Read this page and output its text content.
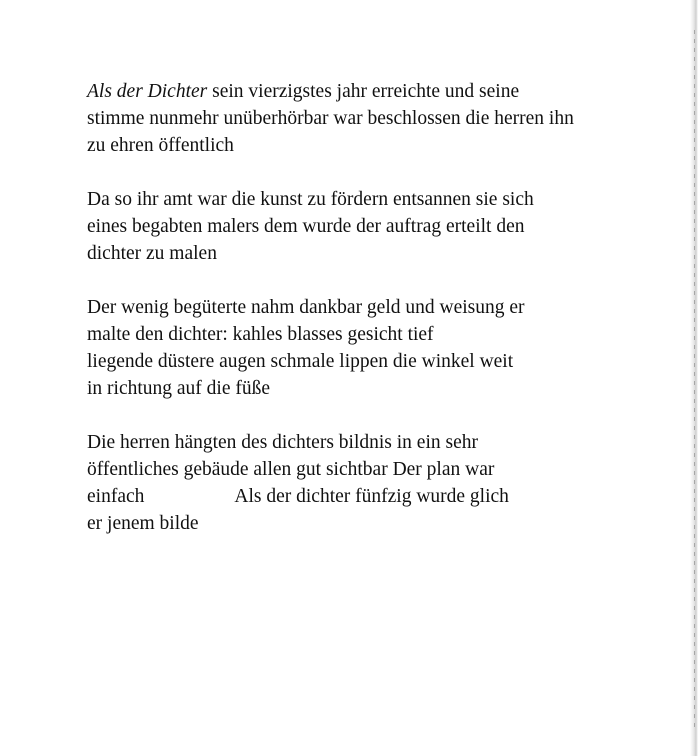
Als der Dichter sein vierzigstes jahr erreichte und seine
stimme nunmehr unüberhörbar war beschlossen die herren ihn
zu ehren öffentlich
Da so ihr amt war die kunst zu fördern entsannen sie sich
eines begabten malers dem wurde der auftrag erteilt den
dichter zu malen
Der wenig begüterte nahm dankbar geld und weisung er
malte den dichter: kahles blasses gesicht tief
liegende düstere augen schmale lippen die winkel weit
in richtung auf die füße
Die herren hängten des dichters bildnis in ein sehr
öffentliches gebäude allen gut sichtbar Der plan war
einfach	Als der dichter fünfzig wurde glich
er jenem bilde
